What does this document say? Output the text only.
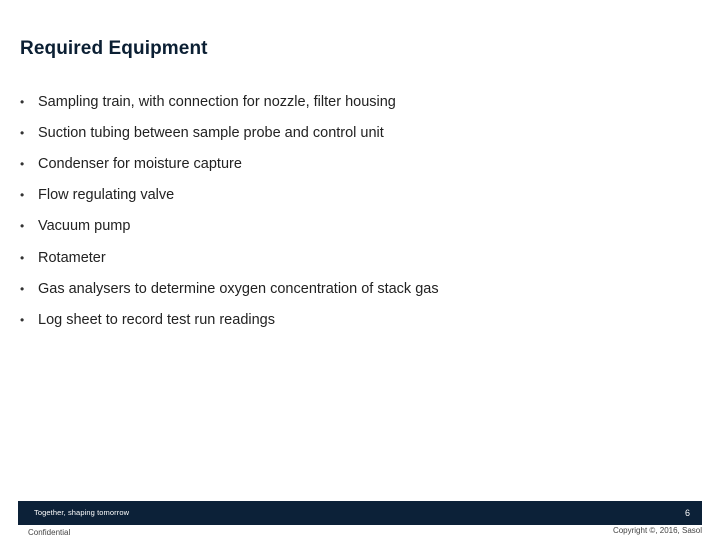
Required Equipment
• Sampling train, with connection for nozzle, filter housing
• Suction tubing between sample probe and control unit
• Condenser for moisture capture
• Flow regulating valve
• Vacuum pump
• Rotameter
• Gas analysers to determine oxygen concentration of stack gas
• Log sheet to record test run readings
Together, shaping tomorrow	6
Confidential	Copyright ©, 2016, Sasol
